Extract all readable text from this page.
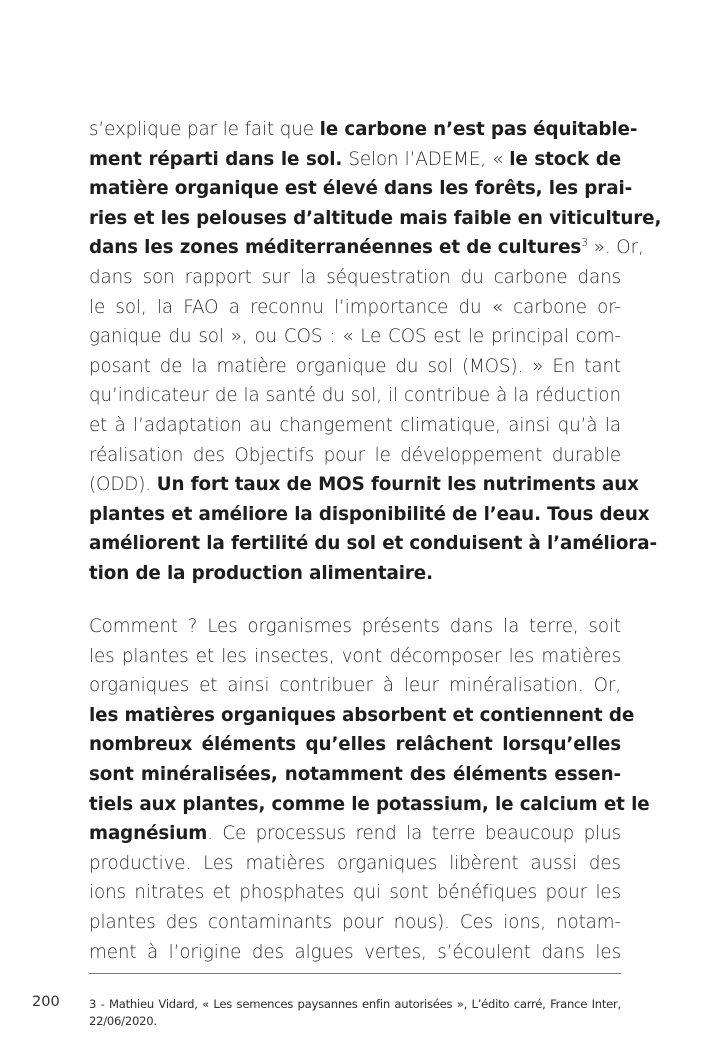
s’explique par le fait que le carbone n’est pas équitable-
ment réparti dans le sol. Selon l’ADEME, « le stock de
matière organique est élevé dans les forêts, les prai-
ries et les pelouses d’altitude mais faible en viticulture,
dans les zones méditerranéennes et de cultures$^3$ ». Or,
dans son rapport sur la séquestration du carbone dans
le sol, la FAO a reconnu l’importance du « carbone or-
ganique du sol », ou COS : « Le COS est le principal com-
posant de la matière organique du sol (MOS). » En tant
qu’indicateur de la santé du sol, il contribue à la réduction
et à l’adaptation au changement climatique, ainsi qu’à la
réalisation des Objectifs pour le développement durable
(ODD). Un fort taux de MOS fournit les nutriments aux
plantes et améliore la disponibilité de l’eau. Tous deux
améliorent la fertilité du sol et conduisent à l’améliora-
tion de la production alimentaire.
Comment ? Les organismes présents dans la terre, soit
les plantes et les insectes, vont décomposer les matières
organiques et ainsi contribuer à leur minéralisation. Or,
les matières organiques absorbent et contiennent de
nombreux éléments qu’elles relâchent lorsqu’elles
sont minéralisées, notamment des éléments essen-
tiels aux plantes, comme le potassium, le calcium et le
magnésium. Ce processus rend la terre beaucoup plus
productive. Les matières organiques libèrent aussi des
ions nitrates et phosphates qui sont bénéfiques pour les
plantes des contaminants pour nous). Ces ions, notam-
ment à l’origine des algues vertes, s’écoulent dans les
200	3 - Mathieu Vidard, « Les semences paysannes enfin autorisées », L’édito carré, France Inter,
22/06/2020.
